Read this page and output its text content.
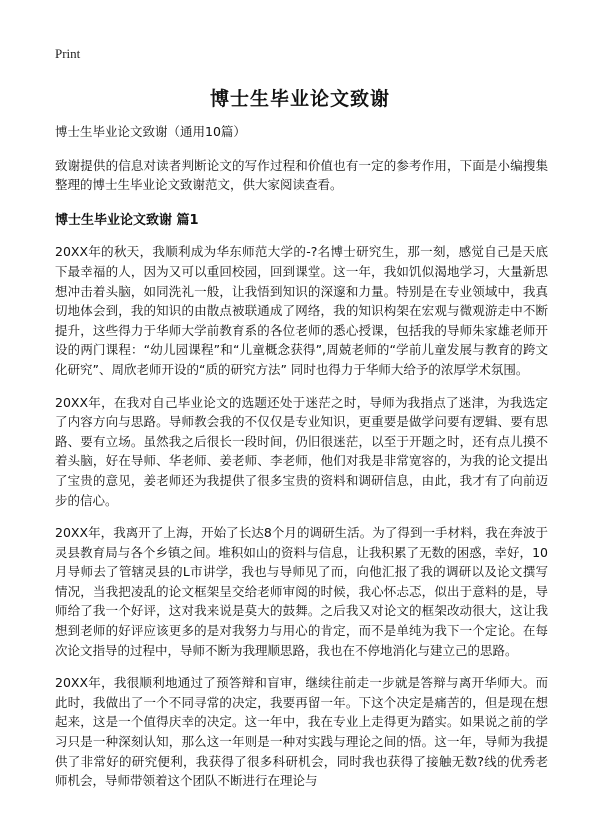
Print
博士生毕业论文致谢

博士生毕业论文致谢（通用10篇）

致谢提供的信息对读者判断论文的写作过程和价值也有一定的参考作用，下面是小编搜集整理的博士生毕业论文致谢范文，供大家阅读查看。

博士生毕业论文致谢 篇1

20XX年的秋天，我顺利成为华东师范大学的-?名博士研究生，那一刻，感觉自己是天底下最幸福的人，因为又可以重回校园，回到课堂。这一年，我如饥似渴地学习，大量新思想冲击着头脑，如同洗礼一般，让我悟到知识的深邃和力量。特别是在专业领域中，我真切地体会到，我的知识的由散点被联通成了网络，我的知识构架在宏观与微观游走中不断提升，这些得力于华师大学前教育系的各位老师的悉心授课，包括我的导师朱家雄老师开设的两门课程：“幼儿园课程”和“儿童概念获得”,周兢老师的“学前儿童发展与教育的跨文化研究”、周欣老师开设的“质的研究方法” 同时也得力于华师大给予的浓厚学术氛围。

20XX年，在我对自己毕业论文的选题还处于迷茫之时，导师为我指点了迷津，为我选定了内容方向与思路。导师教会我的不仅仅是专业知识，更重要是做学问要有逻辑、要有思路、要有立场。虽然我之后很长一段时间，仍旧很迷茫，以至于开题之时，还有点儿摸不着头脑，好在导师、华老师、姜老师、李老师，他们对我是非常宽容的，为我的论文提出了宝贵的意见，姜老师还为我提供了很多宝贵的资料和调研信息，由此，我才有了向前迈步的信心。

20XX年，我离开了上海，开始了长达8个月的调研生活。为了得到一手材料，我在奔波于灵县教育局与各个乡镇之间。堆积如山的资料与信息，让我积累了无数的困惑，幸好，10月导师去了管辖灵县的L市讲学，我也与导师见了而，向他汇报了我的调研以及论文撰写情况，当我把凌乱的论文框架呈交给老师审阅的时候，我心怀忐忑，似出于意料的是，导师给了我一个好评，这对我来说是莫大的鼓舞。之后我又对论文的框架改动很大，这让我想到老师的好评应该更多的是对我努力与用心的肯定，而不是单纯为我下一个定论。在每次论文指导的过程中，导师不断为我理顺思路，我也在不停地消化与建立己的思路。

20XX年，我很顺利地通过了预答辩和盲审，继续往前走一步就是答辩与离开华师大。而此时，我做出了一个不同寻常的决定，我要再留一年。下这个决定是痛苦的，但是现在想起来，这是一个值得庆幸的决定。这一年中，我在专业上走得更为踏实。如果说之前的学习只是一种深刻认知，那么这一年则是一种对实践与理论之间的悟。这一年，导师为我提供了非常好的研究便利，我获得了很多科研机会，同时我也获得了接触无数?线的优秀老师机会，导师带领着这个团队不断进行在理论与
